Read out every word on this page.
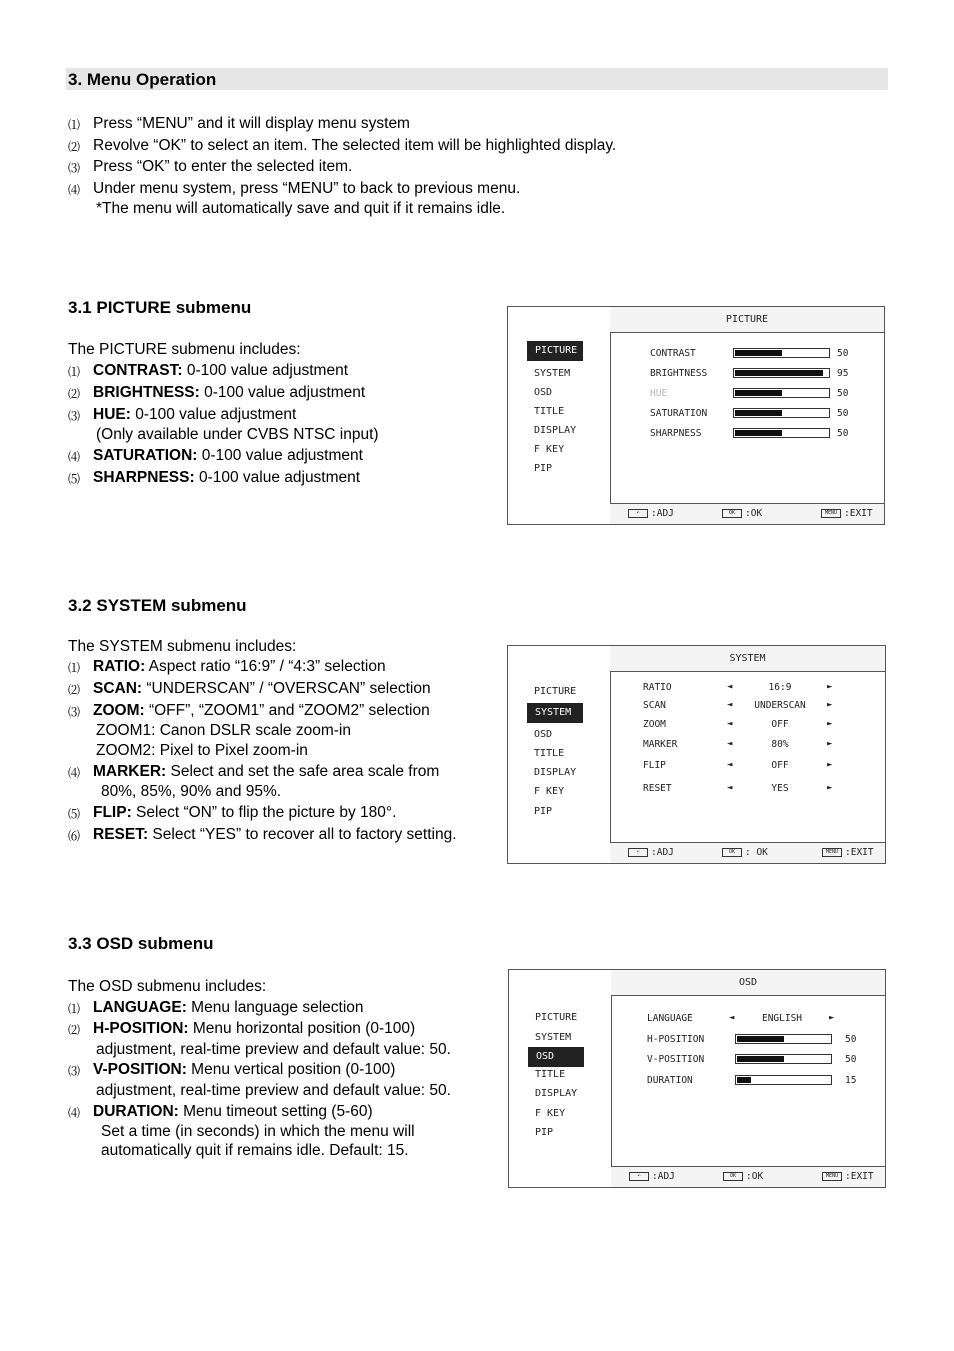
3. Menu Operation
⑴ Press “MENU” and it will display menu system
⑵ Revolve “OK” to select an item. The selected item will be highlighted display.
⑶ Press “OK” to enter the selected item.
⑷ Under menu system, press “MENU” to back to previous menu.
*The menu will automatically save and quit if it remains idle.
3.1 PICTURE submenu
The PICTURE submenu includes:
⑴ CONTRAST: 0-100 value adjustment
⑵ BRIGHTNESS: 0-100 value adjustment
⑶ HUE: 0-100 value adjustment
(Only available under CVBS NTSC input)
⑷ SATURATION: 0-100 value adjustment
⑸ SHARPNESS: 0-100 value adjustment
PICTURE
PICTURE
SYSTEM
OSD
TITLE
DISPLAY
F KEY
PIP
CONTRAST	50
BRIGHTNESS	95
HUE	50
SATURATION	50
SHARPNESS	50
↶ :ADJ	OK :OK	MENU :EXIT
3.2 SYSTEM submenu
The SYSTEM submenu includes:
⑴ RATIO: Aspect ratio “16:9” / “4:3” selection
⑵ SCAN: “UNDERSCAN” / “OVERSCAN” selection
⑶ ZOOM: “OFF”, “ZOOM1” and “ZOOM2” selection
ZOOM1: Canon DSLR scale zoom-in
ZOOM2: Pixel to Pixel zoom-in
⑷ MARKER: Select and set the safe area scale from
80%, 85%, 90% and 95%.
⑸ FLIP: Select “ON” to flip the picture by 180°.
⑹ RESET: Select “YES” to recover all to factory setting.
SYSTEM
PICTURE
SYSTEM
OSD
TITLE
DISPLAY
F KEY
PIP
RATIO	◄	16:9	►
SCAN	◄	UNDERSCAN	►
ZOOM	◄	OFF	►
MARKER	◄	80%	►
FLIP	◄	OFF	►
RESET	◄	YES	►
↶ :ADJ	OK : OK	MENU :EXIT
3.3 OSD submenu
The OSD submenu includes:
⑴ LANGUAGE: Menu language selection
⑵ H-POSITION: Menu horizontal position (0-100)
adjustment, real-time preview and default value: 50.
⑶ V-POSITION: Menu vertical position (0-100)
adjustment, real-time preview and default value: 50.
⑷ DURATION: Menu timeout setting (5-60)
Set a time (in seconds) in which the menu will
automatically quit if remains idle. Default: 15.
OSD
PICTURE
SYSTEM
OSD
TITLE
DISPLAY
F KEY
PIP
LANGUAGE	◄	ENGLISH	►
H-POSITION	50
V-POSITION	50
DURATION	15
↶ :ADJ	OK :OK	MENU :EXIT
